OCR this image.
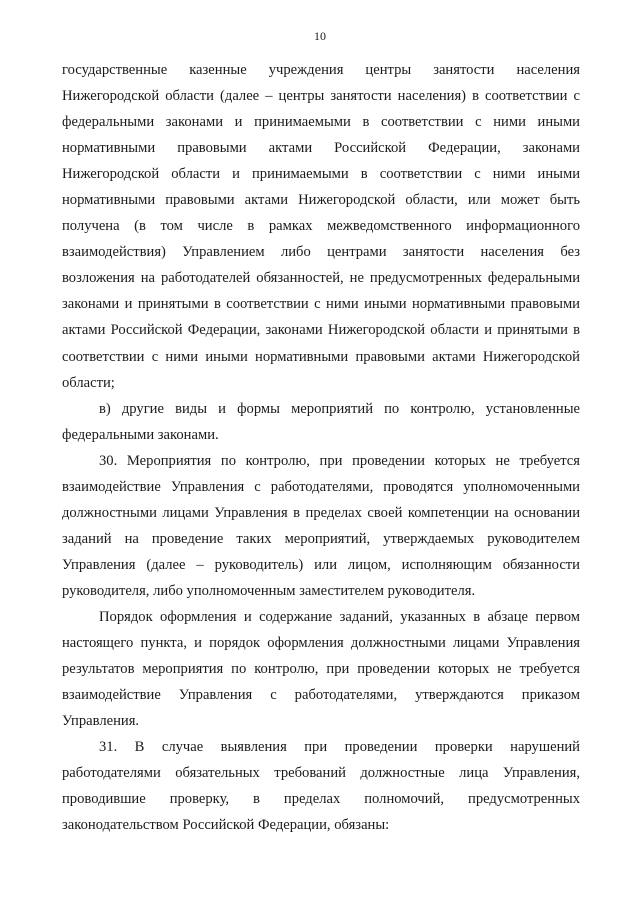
10

государственные казенные учреждения центры занятости населения Нижегородской области (далее – центры занятости населения) в соответствии с федеральными законами и принимаемыми в соответствии с ними иными нормативными правовыми актами Российской Федерации, законами Нижегородской области и принимаемыми в соответствии с ними иными нормативными правовыми актами Нижегородской области, или может быть получена (в том числе в рамках межведомственного информационного взаимодействия) Управлением либо центрами занятости населения без возложения на работодателей обязанностей, не предусмотренных федеральными законами и принятыми в соответствии с ними иными нормативными правовыми актами Российской Федерации, законами Нижегородской области и принятыми в соответствии с ними иными нормативными правовыми актами Нижегородской области;

в) другие виды и формы мероприятий по контролю, установленные федеральными законами.

30. Мероприятия по контролю, при проведении которых не требуется взаимодействие Управления с работодателями, проводятся уполномоченными должностными лицами Управления в пределах своей компетенции на основании заданий на проведение таких мероприятий, утверждаемых руководителем Управления (далее – руководитель) или лицом, исполняющим обязанности руководителя, либо уполномоченным заместителем руководителя.

Порядок оформления и содержание заданий, указанных в абзаце первом настоящего пункта, и порядок оформления должностными лицами Управления результатов мероприятия по контролю, при проведении которых не требуется взаимодействие Управления с работодателями, утверждаются приказом Управления.

31. В случае выявления при проведении проверки нарушений работодателями обязательных требований должностные лица Управления, проводившие проверку, в пределах полномочий, предусмотренных законодательством Российской Федерации, обязаны:
